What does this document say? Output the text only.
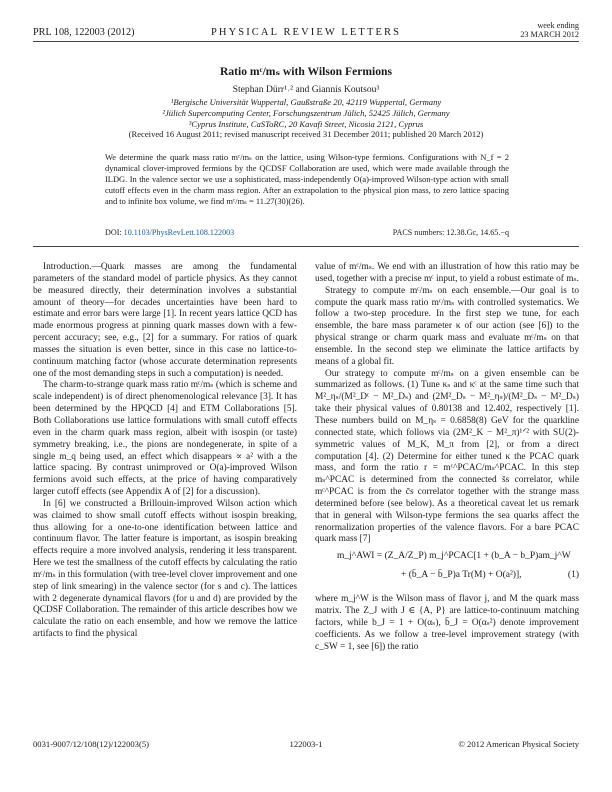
PRL 108, 122003 (2012)	PHYSICAL REVIEW LETTERS
week ending
23 MARCH 2012
Ratio mᶜ/mₛ with Wilson Fermions
Stephan Dürr¹˒² and Giannis Koutsou³
¹Bergische Universität Wuppertal, Gaußstraße 20, 42119 Wuppertal, Germany
²Jülich Supercomputing Center, Forschungszentrum Jülich, 52425 Jülich, Germany
³Cyprus Institute, CaSToRC, 20 Kavafi Street, Nicosia 2121, Cyprus
(Received 16 August 2011; revised manuscript received 31 December 2011; published 20 March 2012)
We determine the quark mass ratio mᶜ/mₛ on the lattice, using Wilson-type fermions. Configurations with N_f = 2 dynamical clover-improved fermions by the QCDSF Collaboration are used, which were made available through the ILDG. In the valence sector we use a sophisticated, mass-independently O(a)-improved Wilson-type action with small cutoff effects even in the charm mass region. After an extrapolation to the physical pion mass, to zero lattice spacing and to infinite box volume, we find mᶜ/mₛ = 11.27(30)(26).
DOI: 10.1103/PhysRevLett.108.122003	PACS numbers: 12.38.Gc, 14.65.−q

Introduction.—Quark masses are among the fundamental parameters of the standard model of particle physics. As they cannot be measured directly, their determination involves a substantial amount of theory—for decades uncertainties have been hard to estimate and error bars were large [1]. In recent years lattice QCD has made enormous progress at pinning quark masses down with a few-percent accuracy; see, e.g., [2] for a summary. For ratios of quark masses the situation is even better, since in this case no lattice-to-continuum matching factor (whose accurate determination represents one of the most demanding steps in such a computation) is needed.

The charm-to-strange quark mass ratio mᶜ/mₛ (which is scheme and scale independent) is of direct phenomenological relevance [3]. It has been determined by the HPQCD [4] and ETM Collaborations [5]. Both Collaborations use lattice formulations with small cutoff effects even in the charm quark mass region, albeit with isospin (or taste) symmetry breaking, i.e., the pions are nondegenerate, in spite of a single m_q being used, an effect which disappears ∝ a² with a the lattice spacing. By contrast unimproved or O(a)-improved Wilson fermions avoid such effects, at the price of having comparatively larger cutoff effects (see Appendix A of [2] for a discussion).

In [6] we constructed a Brillouin-improved Wilson action which was claimed to show small cutoff effects without isospin breaking, thus allowing for a one-to-one identification between lattice and continuum flavor. The latter feature is important, as isospin breaking effects require a more involved analysis, rendering it less transparent. Here we test the smallness of the cutoff effects by calculating the ratio mᶜ/mₛ in this formulation (with tree-level clover improvement and one step of link smearing) in the valence sector (for s and c). The lattices with 2 degenerate dynamical flavors (for u and d) are provided by the QCDSF Collaboration. The remainder of this article describes how we calculate the ratio on each ensemble, and how we remove the lattice artifacts to find the physical

value of mᶜ/mₛ. We end with an illustration of how this ratio may be used, together with a precise mᶜ input, to yield a robust estimate of mₛ.

Strategy to compute mᶜ/mₛ on each ensemble.—Our goal is to compute the quark mass ratio mᶜ/mₛ with controlled systematics. We follow a two-step procedure. In the first step we tune, for each ensemble, the bare mass parameter κ of our action (see [6]) to the physical strange or charm quark mass and evaluate mᶜ/mₛ on that ensemble. In the second step we eliminate the lattice artifacts by means of a global fit.

Our strategy to compute mᶜ/mₛ on a given ensemble can be summarized as follows. (1) Tune κₛ and κᶜ at the same time such that M²_ηₛ/(M²_Dᶜ − M²_Dₛ) and (2M²_Dₛ − M²_ηₛ)/(M²_Dₛ − M²_Dₛ) take their physical values of 0.80138 and 12.402, respectively [1]. These numbers build on M_ηₛ = 0.6858(8) GeV for the quarkline connected state, which follows via (2M²_K − M²_π)¹ᐟ² with SU(2)-symmetric values of M_K, M_π from [2], or from a direct computation [4]. (2) Determine for either tuned κ the PCAC quark mass, and form the ratio r = mᶜ^PCAC/mₛ^PCAC. In this step mₛ^PCAC is determined from the connected s̄s correlator, while mᶜ^PCAC is from the c̄s correlator together with the strange mass determined before (see below). As a theoretical caveat let us remark that in general with Wilson-type fermions the sea quarks affect the renormalization properties of the valence flavors. For a bare PCAC quark mass [7]

m_j^AWI = (Z_A/Z_P) m_j^PCAC[1 + (b_A − b_P)am_j^W
+ (b̄_A − b̄_P)a Tr(M) + O(a²)],	(1)

where m_j^W is the Wilson mass of flavor j, and M the quark mass matrix. The Z_J with J ∈ {A, P} are lattice-to-continuum matching factors, while b_J = 1 + O(αₛ), b̄_J = O(αₛ²) denote improvement coefficients. As we follow a tree-level improvement strategy (with c_SW = 1, see [6]) the ratio

0031-9007/12/108(12)/122003(5)	122003-1	© 2012 American Physical Society
